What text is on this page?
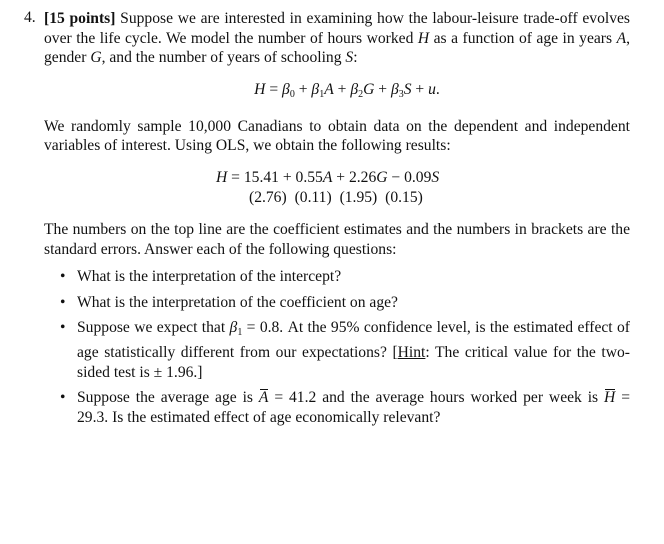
4. [15 points] Suppose we are interested in examining how the labour-leisure trade-off evolves over the life cycle. We model the number of hours worked H as a function of age in years A, gender G, and the number of years of schooling S:

$H = \beta_0 + \beta_1A + \beta_2G + \beta_3S + u$.

We randomly sample 10,000 Canadians to obtain data on the dependent and independent variables of interest. Using OLS, we obtain the following results:

H = 15.41 + 0.55A + 2.26G − 0.09S
(2.76) (0.11) (1.95) (0.15)

The numbers on the top line are the coefficient estimates and the numbers in brackets are the standard errors. Answer each of the following questions:

• What is the interpretation of the intercept?
• What is the interpretation of the coefficient on age?
• Suppose we expect that $\beta_1 = 0.8$. At the 95% confidence level, is the estimated effect of age statistically different from our expectations? [Hint: The critical value for the two-sided test is ± 1.96.]
• Suppose the average age is A = 41.2 and the average hours worked per week is H = 29.3. Is the estimated effect of age economically relevant?
